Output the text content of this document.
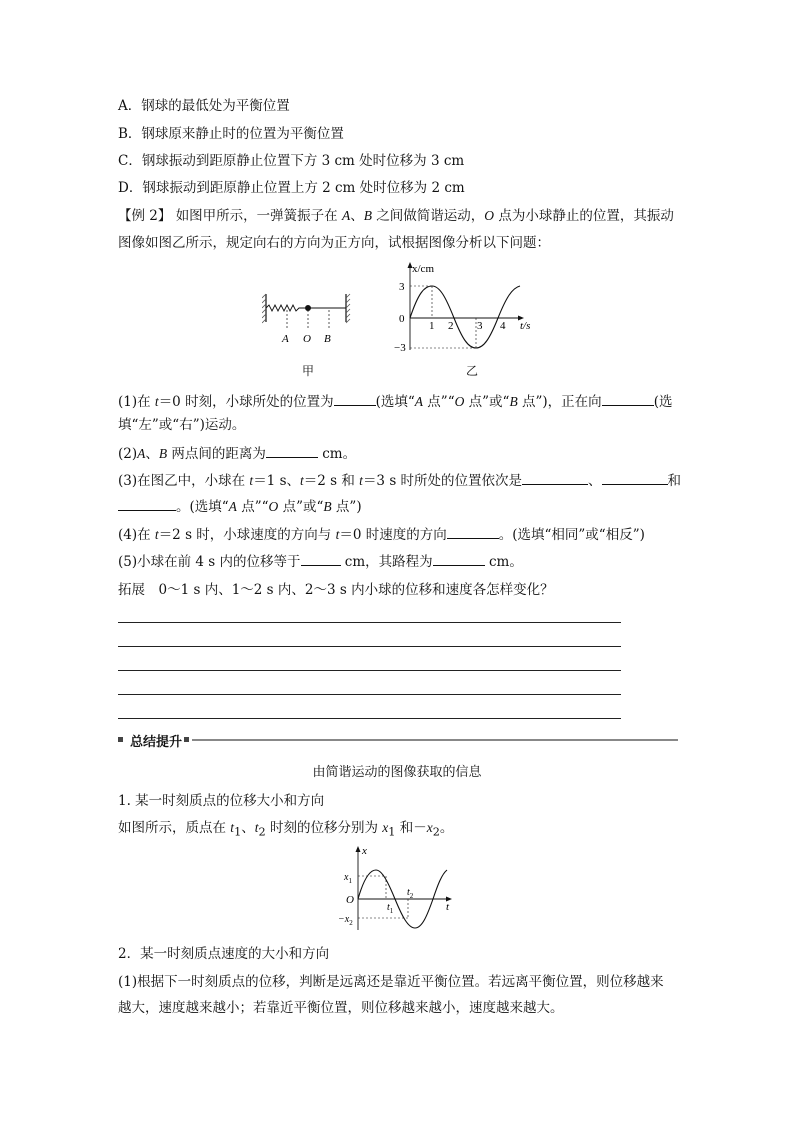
A．钢球的最低处为平衡位置
B．钢球原来静止时的位置为平衡位置
C．钢球振动到距原静止位置下方 3 cm 处时位移为 3 cm
D．钢球振动到距原静止位置上方 2 cm 处时位移为 2 cm
【例 2】 如图甲所示，一弹簧振子在 A、B 之间做简谐运动，O 点为小球静止的位置，其振动
图像如图乙所示，规定向右的方向为正方向，试根据图像分析以下问题：
A O B
甲
x/cm
3
0
−3
1 2 3 4 t/s
乙
(1)在 t＝0 时刻，小球所处的位置为	(选填“A 点”“O 点”或“B 点”)，正在向	(选
填“左”或“右”)运动。
(2)A、B 两点间的距离为	cm。
(3)在图乙中，小球在 t＝1 s、t＝2 s 和 t＝3 s 时所处的位置依次是	、	和
。(选填“A 点”“O 点”或“B 点”)
(4)在 t＝2 s 时，小球速度的方向与 t＝0 时速度的方向	。(选填“相同”或“相反”)
(5)小球在前 4 s 内的位移等于	cm，其路程为	cm。
拓展　0～1 s 内、1～2 s 内、2～3 s 内小球的位移和速度各怎样变化？
总结提升
由简谐运动的图像获取的信息
1. 某一时刻质点的位移大小和方向
如图所示，质点在 $t_1$、$t_2$ 时刻的位移分别为 $x_1$ 和$-x_2$。
x
$x_1$
O
$-x_2$
$t_1$
$t_2$
t
2．某一时刻质点速度的大小和方向
(1)根据下一时刻质点的位移，判断是远离还是靠近平衡位置。若远离平衡位置，则位移越来
越大，速度越来越小；若靠近平衡位置，则位移越来越小，速度越来越大。
